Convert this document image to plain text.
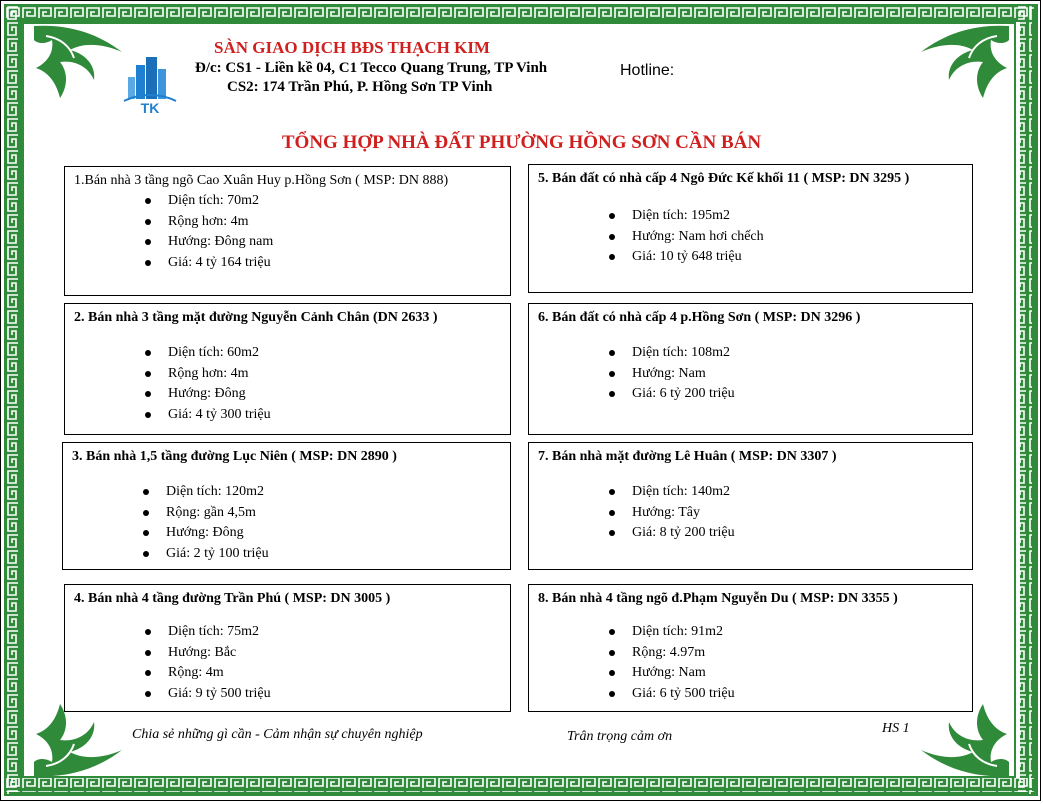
TK
SÀN GIAO DỊCH BĐS THẠCH KIM
Đ/c: CS1 - Liền kề 04, C1 Tecco Quang Trung, TP Vinh
CS2: 174 Trần Phú, P. Hồng Sơn TP Vinh
Hotline:
TỔNG HỢP NHÀ ĐẤT PHƯỜNG HỒNG SƠN CẦN BÁN
1.Bán nhà 3 tầng ngõ Cao Xuân Huy p.Hồng Sơn ( MSP: DN 888)
Diện tích: 70m2
Rộng hơn: 4m
Hướng: Đông nam
Giá: 4 tỷ 164 triệu
2. Bán nhà 3 tầng mặt đường Nguyễn Cảnh Chân (DN 2633 )
Diện tích: 60m2
Rộng hơn: 4m
Hướng: Đông
Giá: 4 tỷ 300 triệu
3. Bán nhà 1,5 tầng đường Lục Niên ( MSP: DN 2890 )
Diện tích: 120m2
Rộng: gần 4,5m
Hướng: Đông
Giá: 2 tỷ 100 triệu
4. Bán nhà 4 tầng đường Trần Phú ( MSP: DN 3005 )
Diện tích: 75m2
Hướng: Bắc
Rộng: 4m
Giá: 9 tỷ 500 triệu
5. Bán đất có nhà cấp 4 Ngô Đức Kế khối 11 ( MSP: DN 3295 )
Diện tích: 195m2
Hướng: Nam hơi chếch
Giá: 10 tỷ 648 triệu
6. Bán đất có nhà cấp 4 p.Hồng Sơn ( MSP: DN 3296 )
Diện tích: 108m2
Hướng: Nam
Giá: 6 tỷ 200 triệu
7. Bán nhà mặt đường Lê Huân ( MSP: DN 3307 )
Diện tích: 140m2
Hướng: Tây
Giá: 8 tỷ 200 triệu
8. Bán nhà 4 tầng ngõ đ.Phạm Nguyễn Du ( MSP: DN 3355 )
Diện tích: 91m2
Rộng: 4.97m
Hướng: Nam
Giá: 6 tỷ 500 triệu
Chia sẻ những gì cần - Cảm nhận sự chuyên nghiệp	Trân trọng cảm ơn
HS 1
